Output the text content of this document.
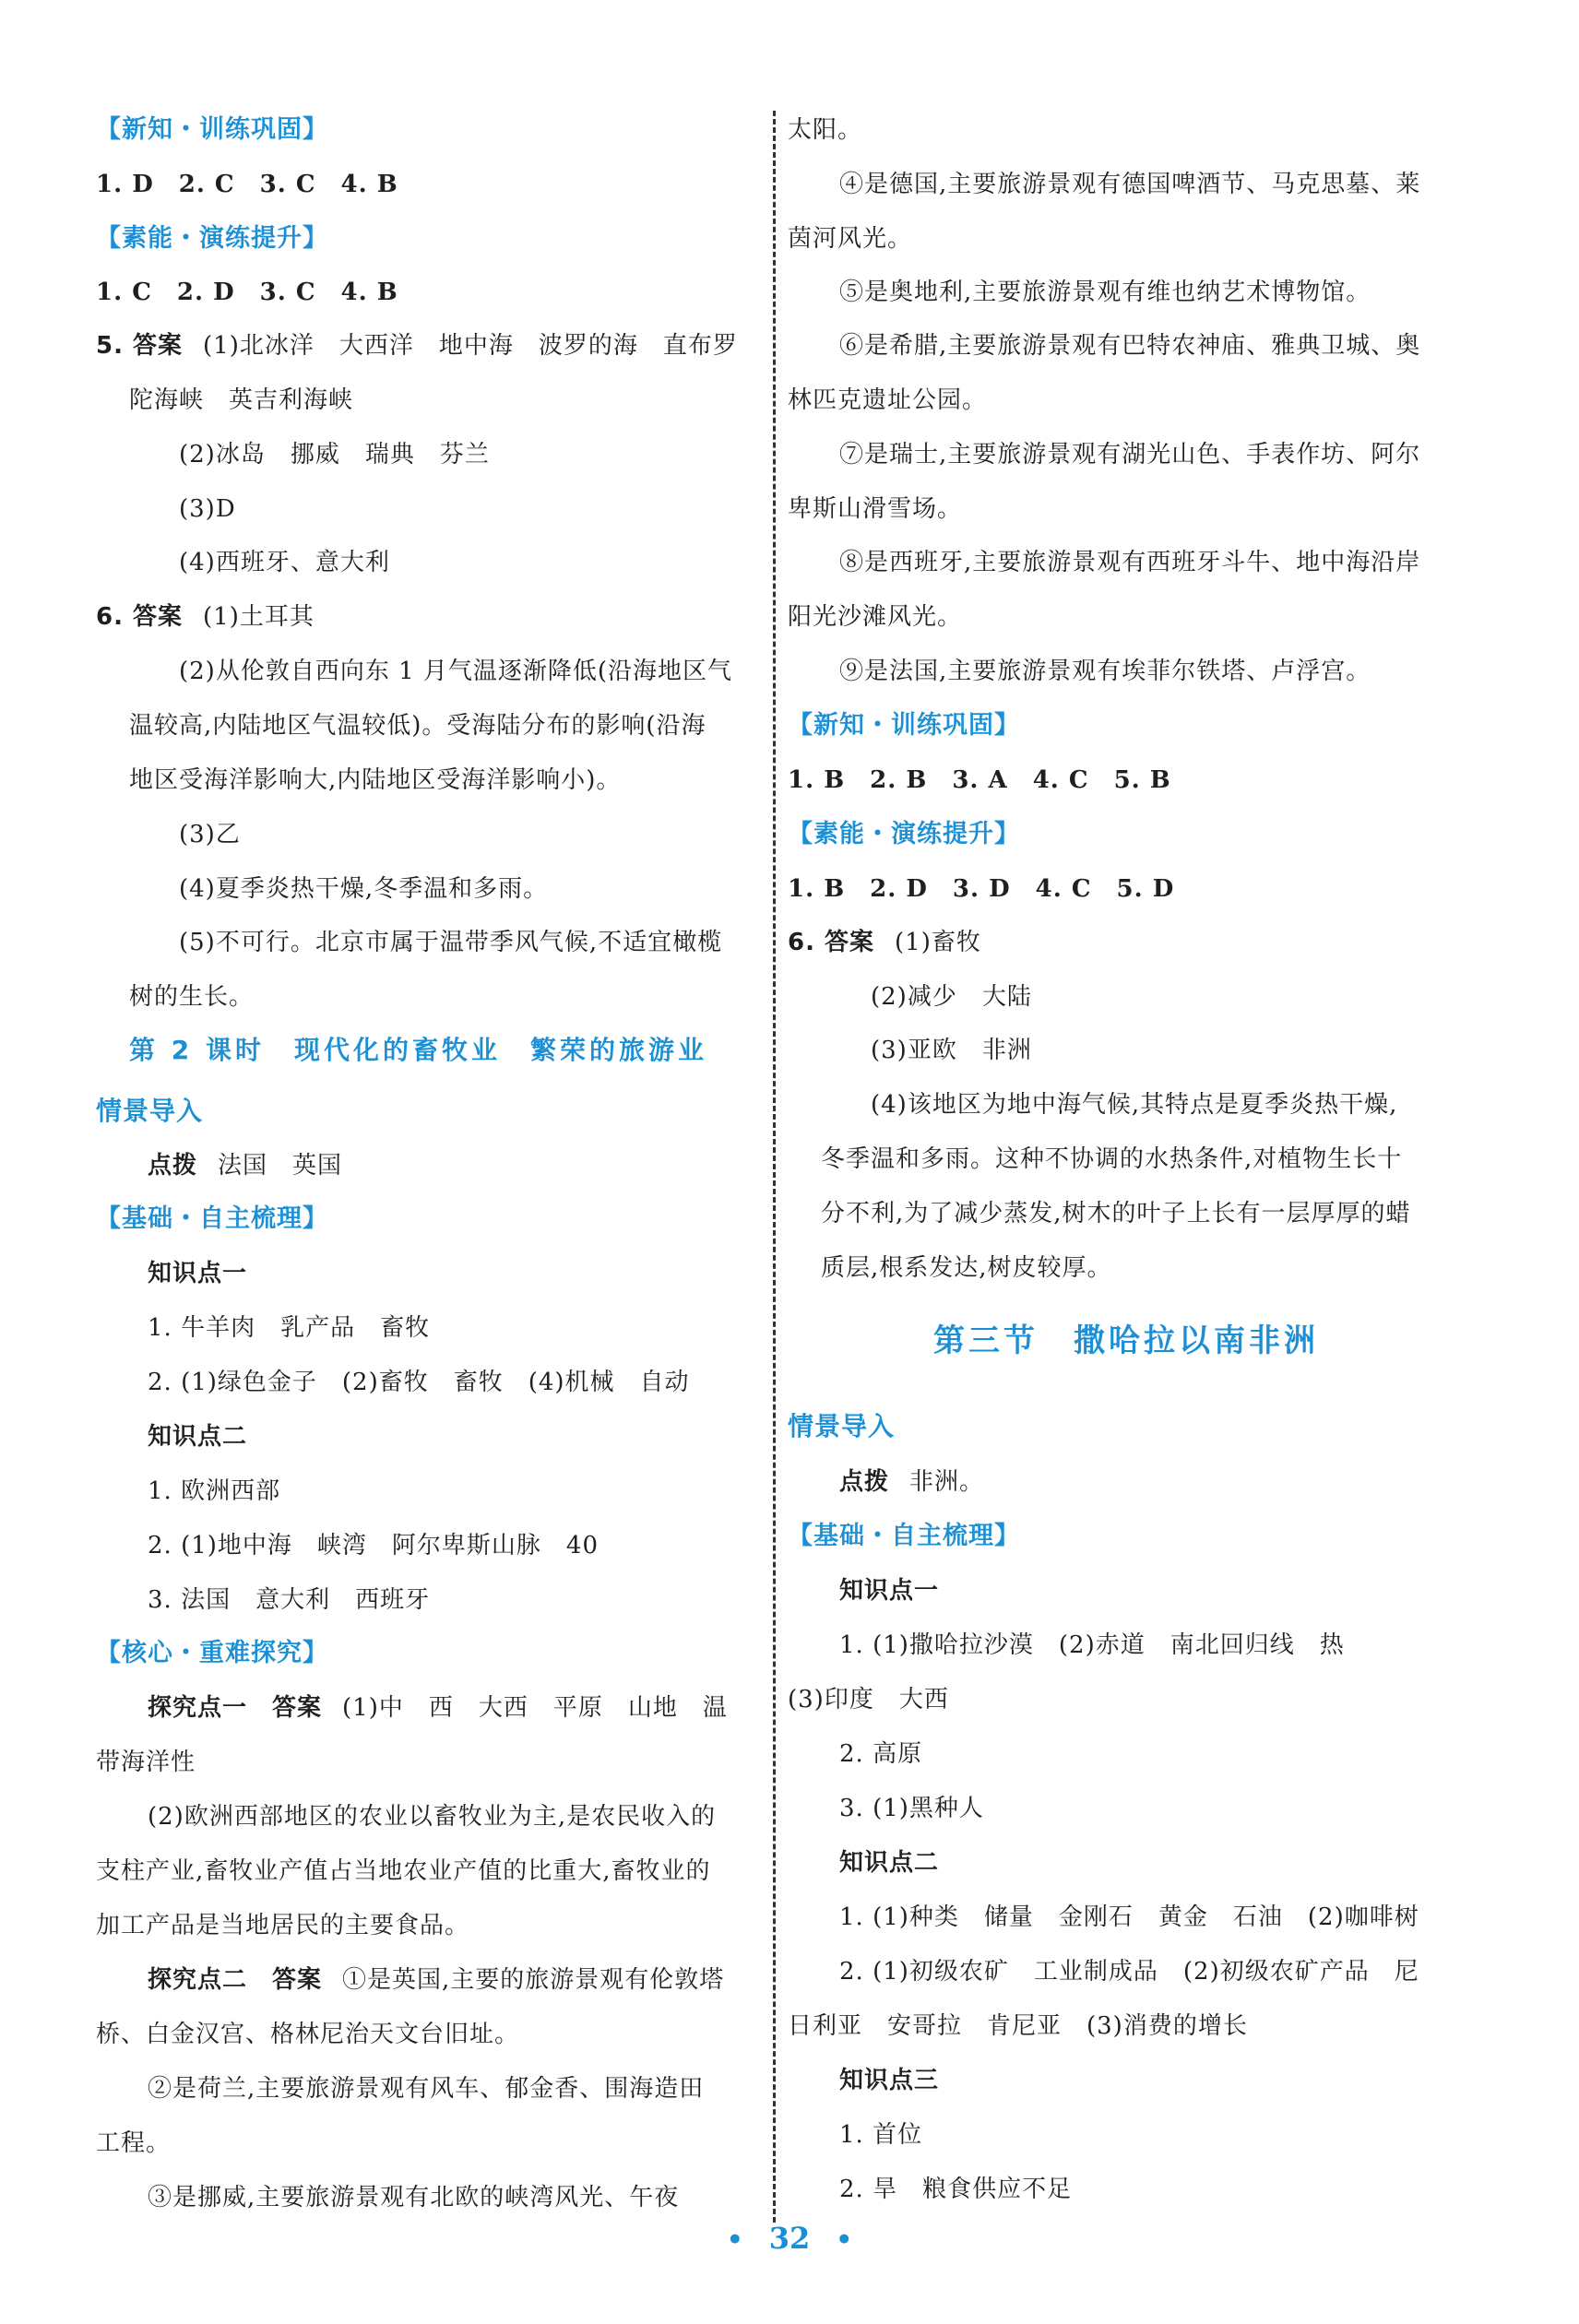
【新知・训练巩固】
1. D　2. C　3. C　4. B
【素能・演练提升】
1. C　2. D　3. C　4. B
5. 答案 (1)北冰洋　大西洋　地中海　波罗的海　直布罗
陀海峡　英吉利海峡
(2)冰岛　挪威　瑞典　芬兰
(3)D
(4)西班牙、意大利
6. 答案 (1)土耳其
(2)从伦敦自西向东 1 月气温逐渐降低(沿海地区气
温较高,内陆地区气温较低)。受海陆分布的影响(沿海
地区受海洋影响大,内陆地区受海洋影响小)。
(3)乙
(4)夏季炎热干燥,冬季温和多雨。
(5)不可行。北京市属于温带季风气候,不适宜橄榄
树的生长。
第 2 课时　现代化的畜牧业　繁荣的旅游业
情景导入
点拨 法国　英国
【基础・自主梳理】
知识点一
1. 牛羊肉　乳产品　畜牧
2. (1)绿色金子　(2)畜牧　畜牧　(4)机械　自动
知识点二
1. 欧洲西部
2. (1)地中海　峡湾　阿尔卑斯山脉　40
3. 法国　意大利　西班牙
【核心・重难探究】
探究点一　答案 (1)中　西　大西　平原　山地　温
带海洋性
(2)欧洲西部地区的农业以畜牧业为主,是农民收入的
支柱产业,畜牧业产值占当地农业产值的比重大,畜牧业的
加工产品是当地居民的主要食品。
探究点二　答案 ①是英国,主要的旅游景观有伦敦塔
桥、白金汉宫、格林尼治天文台旧址。
②是荷兰,主要旅游景观有风车、郁金香、围海造田
工程。
③是挪威,主要旅游景观有北欧的峡湾风光、午夜
太阳。
④是德国,主要旅游景观有德国啤酒节、马克思墓、莱
茵河风光。
⑤是奥地利,主要旅游景观有维也纳艺术博物馆。
⑥是希腊,主要旅游景观有巴特农神庙、雅典卫城、奥
林匹克遗址公园。
⑦是瑞士,主要旅游景观有湖光山色、手表作坊、阿尔
卑斯山滑雪场。
⑧是西班牙,主要旅游景观有西班牙斗牛、地中海沿岸
阳光沙滩风光。
⑨是法国,主要旅游景观有埃菲尔铁塔、卢浮宫。
【新知・训练巩固】
1. B　2. B　3. A　4. C　5. B
【素能・演练提升】
1. B　2. D　3. D　4. C　5. D
6. 答案 (1)畜牧
(2)减少　大陆
(3)亚欧　非洲
(4)该地区为地中海气候,其特点是夏季炎热干燥,
冬季温和多雨。这种不协调的水热条件,对植物生长十
分不利,为了减少蒸发,树木的叶子上长有一层厚厚的蜡
质层,根系发达,树皮较厚。
第三节　撒哈拉以南非洲
情景导入
点拨 非洲。
【基础・自主梳理】
知识点一
1. (1)撒哈拉沙漠　(2)赤道　南北回归线　热
(3)印度　大西
2. 高原
3. (1)黑种人
知识点二
1. (1)种类　储量　金刚石　黄金　石油　(2)咖啡树
2. (1)初级农矿　工业制成品　(2)初级农矿产品　尼
日利亚　安哥拉　肯尼亚　(3)消费的增长
知识点三
1. 首位
2. 旱　粮食供应不足
• 32 •
